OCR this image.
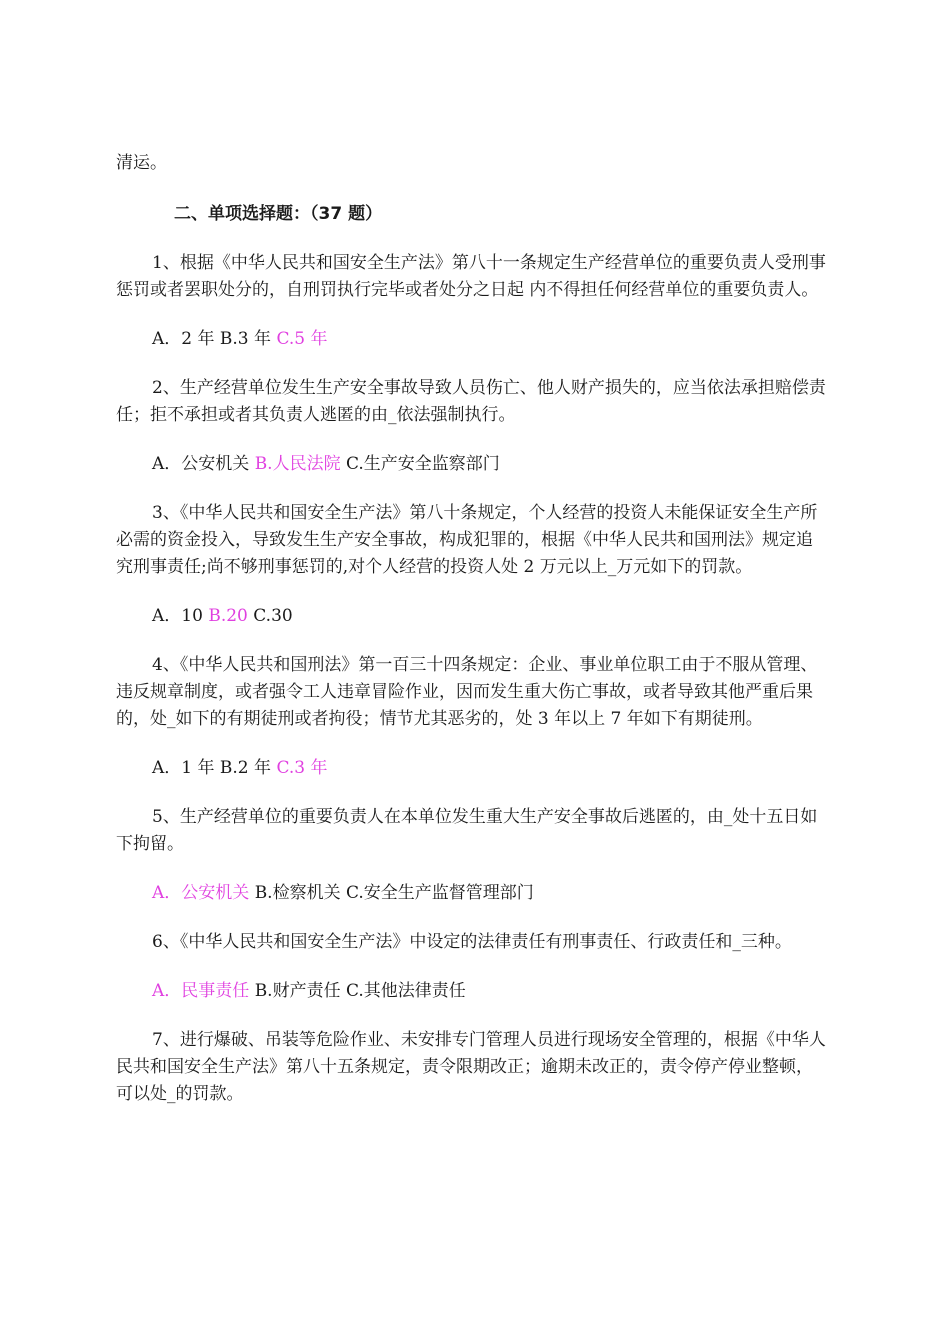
清运。

二、单项选择题：（37 题）

1、根据《中华人民共和国安全生产法》第八十一条规定生产经营单位的重要负责人受刑事惩罚或者罢职处分的，自刑罚执行完毕或者处分之日起 内不得担任何经营单位的重要负责人。

A．2 年 B.3 年 C.5 年

2、生产经营单位发生生产安全事故导致人员伤亡、他人财产损失的，应当依法承担赔偿责任；拒不承担或者其负责人逃匿的由_依法强制执行。

A．公安机关 B.人民法院 C.生产安全监察部门

3、《中华人民共和国安全生产法》第八十条规定，个人经营的投资人未能保证安全生产所必需的资金投入，导致发生生产安全事故，构成犯罪的，根据《中华人民共和国刑法》规定追究刑事责任;尚不够刑事惩罚的,对个人经营的投资人处 2 万元以上_万元如下的罚款。

A．10 B.20 C.30

4、《中华人民共和国刑法》第一百三十四条规定：企业、事业单位职工由于不服从管理、违反规章制度，或者强令工人违章冒险作业，因而发生重大伤亡事故，或者导致其他严重后果的，处_如下的有期徒刑或者拘役；情节尤其恶劣的，处 3 年以上 7 年如下有期徒刑。

A．1 年 B.2 年 C.3 年

5、生产经营单位的重要负责人在本单位发生重大生产安全事故后逃匿的，由_处十五日如下拘留。

A．公安机关 B.检察机关 C.安全生产监督管理部门

6、《中华人民共和国安全生产法》中设定的法律责任有刑事责任、行政责任和_三种。

A．民事责任 B.财产责任 C.其他法律责任

7、进行爆破、吊装等危险作业、未安排专门管理人员进行现场安全管理的，根据《中华人民共和国安全生产法》第八十五条规定，责令限期改正；逾期未改正的，责令停产停业整顿，可以处_的罚款。
